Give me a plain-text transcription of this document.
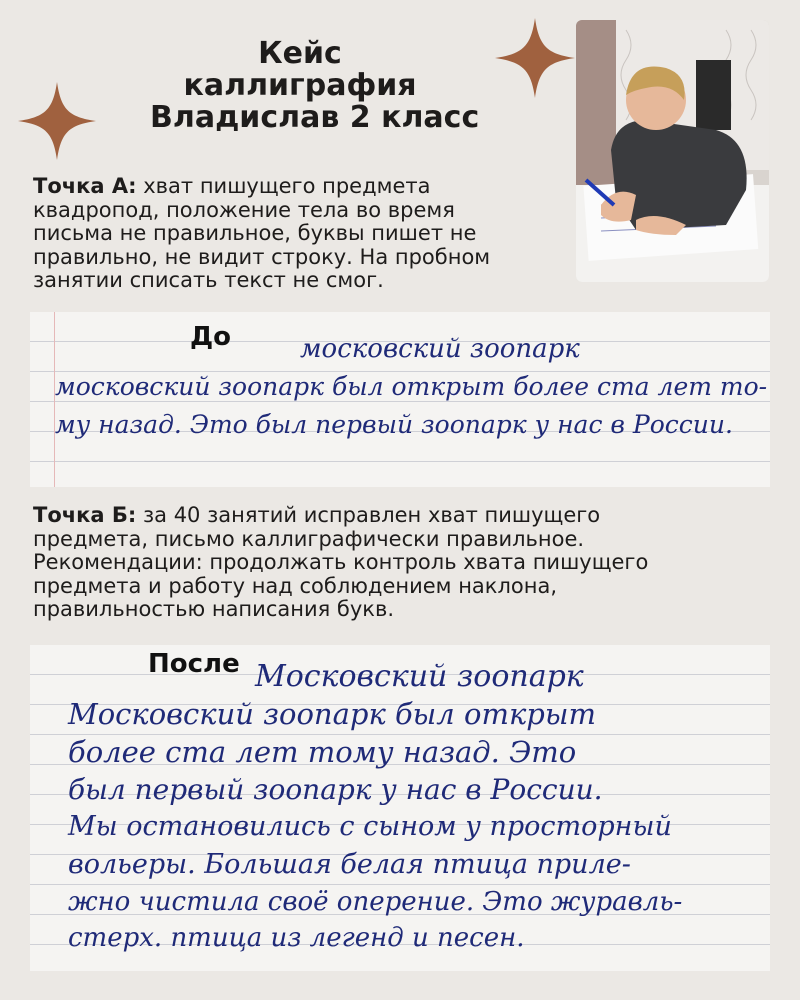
Кейс
каллиграфия
Владислав 2 класс
Точка А: хват пишущего предмета
квадропод, положение тела во время
письма не правильное, буквы пишет не
правильно, не видит строку. На пробном
занятии списать текст не смог.
До	московский зоопарк
московский зоопарк был открыт более ста лет то-
му назад. Это был первый зоопарк у нас в России.
Точка Б: за 40 занятий исправлен хват пишущего
предмета, письмо каллиграфически правильное.
Рекомендации: продолжать контроль хвата пишущего
предмета и работу над соблюдением наклона,
правильностью написания букв.
После Московский зоопарк
Московский зоопарк был открыт
более ста лет тому назад. Это
был первый зоопарк у нас в России.
Мы остановились с сыном у просторный
вольеры. Большая белая птица приле-
жно чистила своё оперение. Это журавль-
стерх. птица из легенд и песен.
